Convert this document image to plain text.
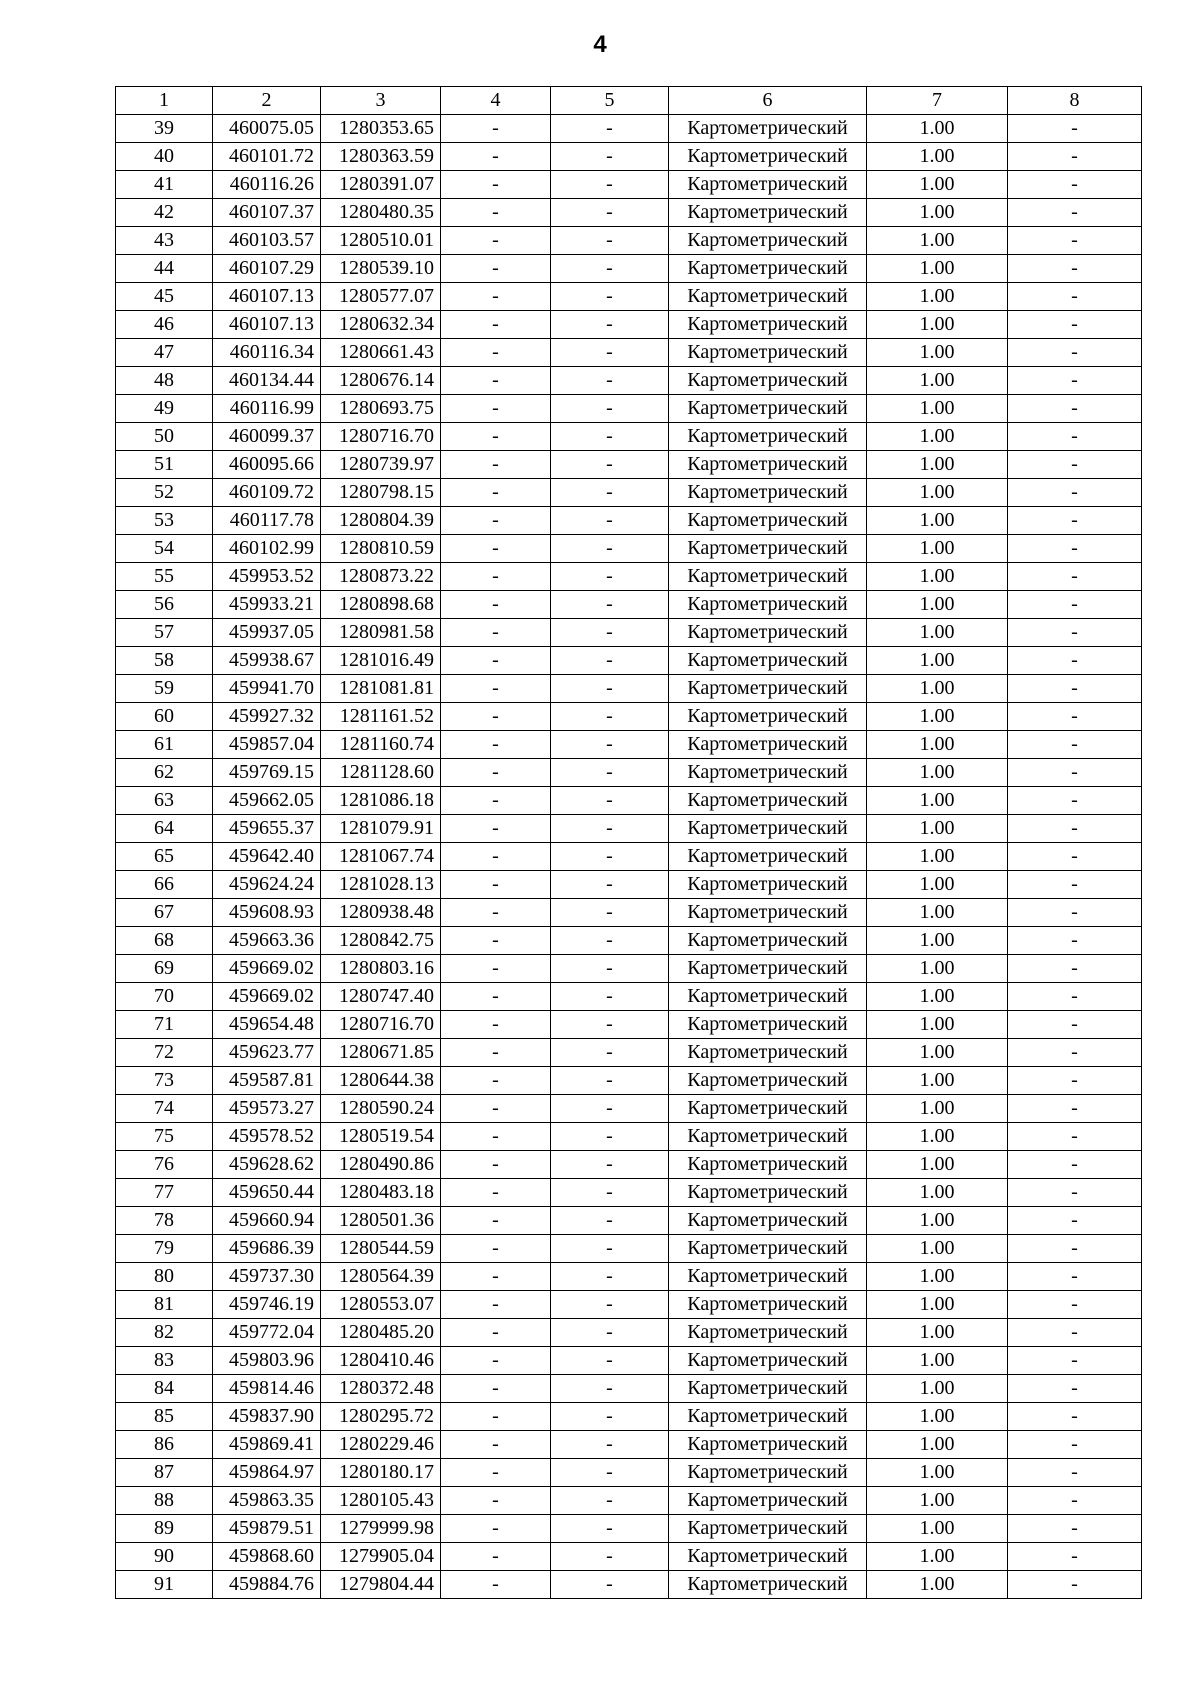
4
1	2	3	4	5	6	7	8
39	460075.05	1280353.65	-	-	Картометрический	1.00	-
40	460101.72	1280363.59	-	-	Картометрический	1.00	-
41	460116.26	1280391.07	-	-	Картометрический	1.00	-
42	460107.37	1280480.35	-	-	Картометрический	1.00	-
43	460103.57	1280510.01	-	-	Картометрический	1.00	-
44	460107.29	1280539.10	-	-	Картометрический	1.00	-
45	460107.13	1280577.07	-	-	Картометрический	1.00	-
46	460107.13	1280632.34	-	-	Картометрический	1.00	-
47	460116.34	1280661.43	-	-	Картометрический	1.00	-
48	460134.44	1280676.14	-	-	Картометрический	1.00	-
49	460116.99	1280693.75	-	-	Картометрический	1.00	-
50	460099.37	1280716.70	-	-	Картометрический	1.00	-
51	460095.66	1280739.97	-	-	Картометрический	1.00	-
52	460109.72	1280798.15	-	-	Картометрический	1.00	-
53	460117.78	1280804.39	-	-	Картометрический	1.00	-
54	460102.99	1280810.59	-	-	Картометрический	1.00	-
55	459953.52	1280873.22	-	-	Картометрический	1.00	-
56	459933.21	1280898.68	-	-	Картометрический	1.00	-
57	459937.05	1280981.58	-	-	Картометрический	1.00	-
58	459938.67	1281016.49	-	-	Картометрический	1.00	-
59	459941.70	1281081.81	-	-	Картометрический	1.00	-
60	459927.32	1281161.52	-	-	Картометрический	1.00	-
61	459857.04	1281160.74	-	-	Картометрический	1.00	-
62	459769.15	1281128.60	-	-	Картометрический	1.00	-
63	459662.05	1281086.18	-	-	Картометрический	1.00	-
64	459655.37	1281079.91	-	-	Картометрический	1.00	-
65	459642.40	1281067.74	-	-	Картометрический	1.00	-
66	459624.24	1281028.13	-	-	Картометрический	1.00	-
67	459608.93	1280938.48	-	-	Картометрический	1.00	-
68	459663.36	1280842.75	-	-	Картометрический	1.00	-
69	459669.02	1280803.16	-	-	Картометрический	1.00	-
70	459669.02	1280747.40	-	-	Картометрический	1.00	-
71	459654.48	1280716.70	-	-	Картометрический	1.00	-
72	459623.77	1280671.85	-	-	Картометрический	1.00	-
73	459587.81	1280644.38	-	-	Картометрический	1.00	-
74	459573.27	1280590.24	-	-	Картометрический	1.00	-
75	459578.52	1280519.54	-	-	Картометрический	1.00	-
76	459628.62	1280490.86	-	-	Картометрический	1.00	-
77	459650.44	1280483.18	-	-	Картометрический	1.00	-
78	459660.94	1280501.36	-	-	Картометрический	1.00	-
79	459686.39	1280544.59	-	-	Картометрический	1.00	-
80	459737.30	1280564.39	-	-	Картометрический	1.00	-
81	459746.19	1280553.07	-	-	Картометрический	1.00	-
82	459772.04	1280485.20	-	-	Картометрический	1.00	-
83	459803.96	1280410.46	-	-	Картометрический	1.00	-
84	459814.46	1280372.48	-	-	Картометрический	1.00	-
85	459837.90	1280295.72	-	-	Картометрический	1.00	-
86	459869.41	1280229.46	-	-	Картометрический	1.00	-
87	459864.97	1280180.17	-	-	Картометрический	1.00	-
88	459863.35	1280105.43	-	-	Картометрический	1.00	-
89	459879.51	1279999.98	-	-	Картометрический	1.00	-
90	459868.60	1279905.04	-	-	Картометрический	1.00	-
91	459884.76	1279804.44	-	-	Картометрический	1.00	-
